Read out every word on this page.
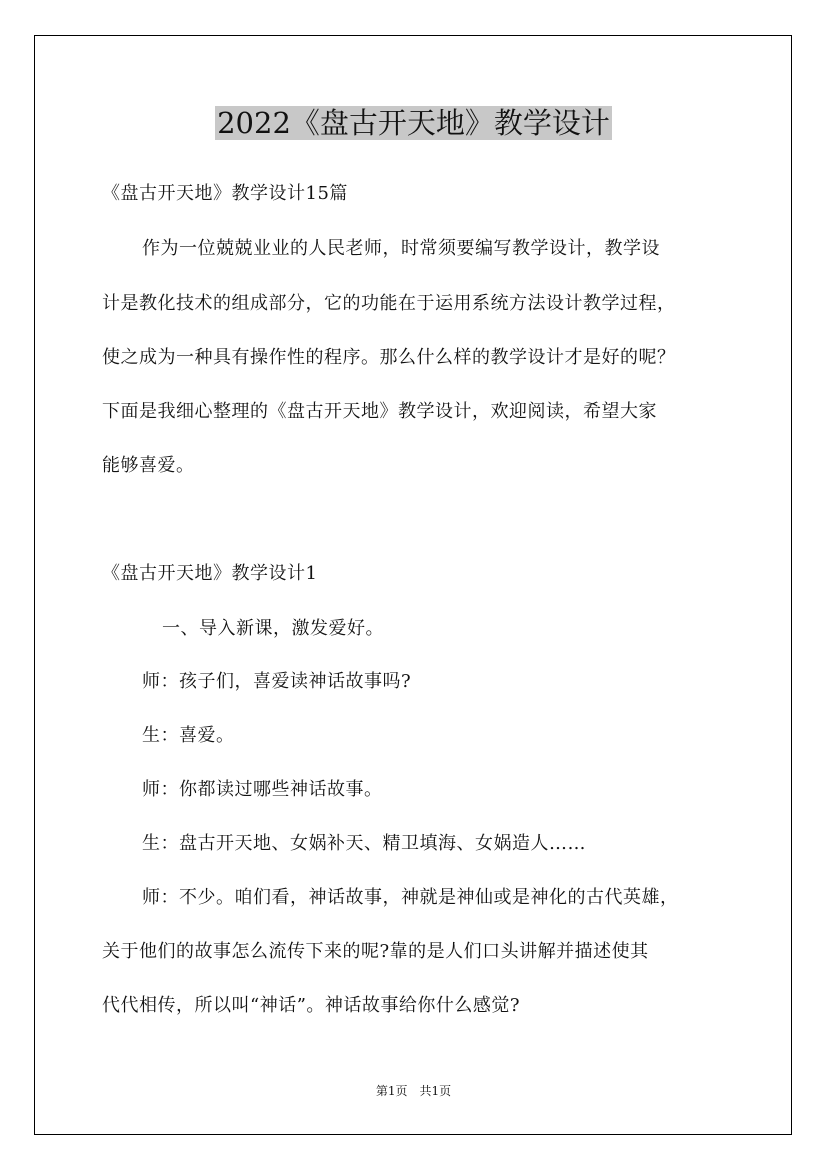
2022《盘古开天地》教学设计
《盘古开天地》教学设计15篇
作为一位兢兢业业的人民老师，时常须要编写教学设计，教学设
计是教化技术的组成部分，它的功能在于运用系统方法设计教学过程，
使之成为一种具有操作性的程序。那么什么样的教学设计才是好的呢？
下面是我细心整理的《盘古开天地》教学设计，欢迎阅读，希望大家
能够喜爱。
《盘古开天地》教学设计1
一、导入新课，激发爱好。
师：孩子们，喜爱读神话故事吗?
生：喜爱。
师：你都读过哪些神话故事。
生：盘古开天地、女娲补天、精卫填海、女娲造人……
师：不少。咱们看，神话故事，神就是神仙或是神化的古代英雄，
关于他们的故事怎么流传下来的呢?靠的是人们口头讲解并描述使其
代代相传，所以叫“神话”。神话故事给你什么感觉?
第1页　共1页
